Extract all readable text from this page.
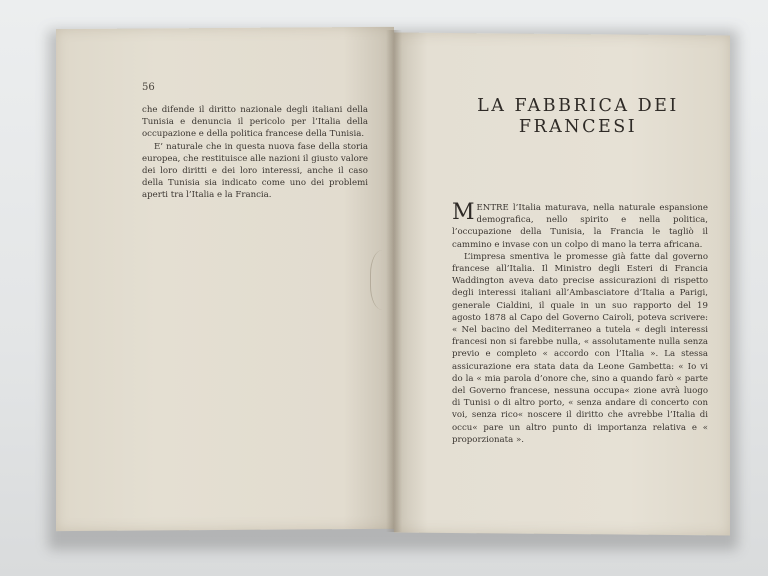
56

che difende il diritto nazionale degli italiani della Tunisia e denuncia il pericolo per l’Italia della occupazione e della politica francese della Tunisia.

E’ naturale che in questa nuova fase della storia europea, che restituisce alle nazioni il giusto valore dei loro diritti e dei loro interessi, anche il caso della Tunisia sia indicato come uno dei problemi aperti tra l’Italia e la Francia.

LA FABBRICA DEI
FRANCESI

MENTRE l’Italia maturava, nella naturale espansione demografica, nello spirito e nella politica, l’occupazione della Tunisia, la Francia le tagliò il cammino e invase con un colpo di mano la terra africana.

L’impresa smentiva le promesse già fatte dal governo francese all’Italia. Il Ministro degli Esteri di Francia Waddington aveva dato precise assicurazioni di rispetto degli interessi italiani all’Ambasciatore d’Italia a Parigi, generale Cialdini, il quale in un suo rapporto del 19 agosto 1878 al Capo del Governo Cairoli, poteva scrivere: « Nel bacino del Mediterraneo a tutela « degli interessi francesi non si farebbe nulla, « assolutamente nulla senza previo e completo « accordo con l’Italia ». La stessa assicurazione era stata data da Leone Gambetta: « Io vi do la « mia parola d’onore che, sino a quando farò « parte del Governo francese, nessuna occupa« zione avrà luogo di Tunisi o di altro porto, « senza andare di concerto con voi, senza rico« noscere il diritto che avrebbe l’Italia di occu« pare un altro punto di importanza relativa e « proporzionata ».
